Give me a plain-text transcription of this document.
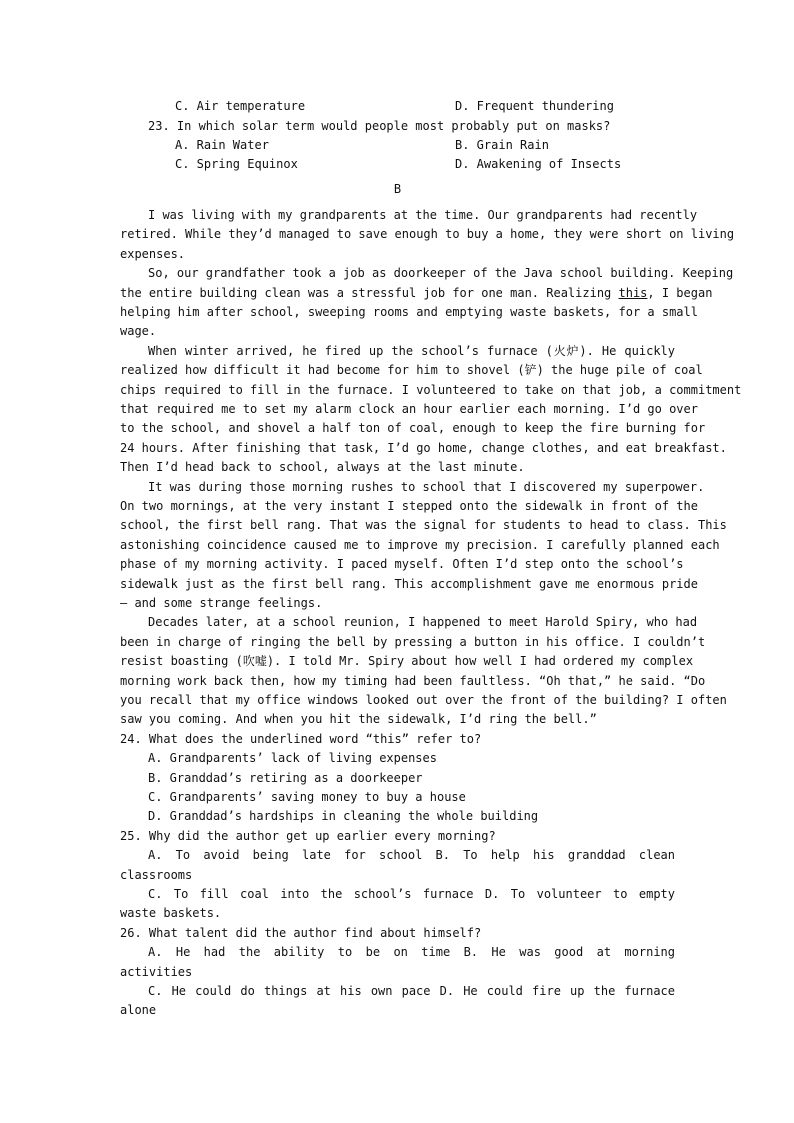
C. Air temperature	D. Frequent thundering
23. In which solar term would people most probably put on masks?
A. Rain Water	B. Grain Rain
C. Spring Equinox	D. Awakening of Insects
B
I was living with my grandparents at the time. Our grandparents had recently
retired. While they’d managed to save enough to buy a home, they were short on living
expenses.
So, our grandfather took a job as doorkeeper of the Java school building. Keeping
the entire building clean was a stressful job for one man. Realizing this, I began
helping him after school, sweeping rooms and emptying waste baskets, for a small
wage.
When winter arrived, he fired up the school’s furnace (火炉). He quickly
realized how difficult it had become for him to shovel (铲) the huge pile of coal
chips required to fill in the furnace. I volunteered to take on that job, a commitment
that required me to set my alarm clock an hour earlier each morning. I’d go over
to the school, and shovel a half ton of coal, enough to keep the fire burning for
24 hours. After finishing that task, I’d go home, change clothes, and eat breakfast.
Then I’d head back to school, always at the last minute.
It was during those morning rushes to school that I discovered my superpower.
On two mornings, at the very instant I stepped onto the sidewalk in front of the
school, the first bell rang. That was the signal for students to head to class. This
astonishing coincidence caused me to improve my precision. I carefully planned each
phase of my morning activity. I paced myself. Often I’d step onto the school’s
sidewalk just as the first bell rang. This accomplishment gave me enormous pride
— and some strange feelings.
Decades later, at a school reunion, I happened to meet Harold Spiry, who had
been in charge of ringing the bell by pressing a button in his office. I couldn’t
resist boasting (吹嘘). I told Mr. Spiry about how well I had ordered my complex
morning work back then, how my timing had been faultless. “Oh that,” he said. “Do
you recall that my office windows looked out over the front of the building? I often
saw you coming. And when you hit the sidewalk, I’d ring the bell.”
24. What does the underlined word “this” refer to?
A. Grandparents’ lack of living expenses
B. Granddad’s retiring as a doorkeeper
C. Grandparents’ saving money to buy a house
D. Granddad’s hardships in cleaning the whole building
25. Why did the author get up earlier every morning?
A. To avoid being late for school B. To help his granddad clean
classrooms
C. To fill coal into the school’s furnace D. To volunteer to empty
waste baskets.
26. What talent did the author find about himself?
A. He had the ability to be on time B. He was good at morning
activities
C. He could do things at his own pace D. He could fire up the furnace
alone
